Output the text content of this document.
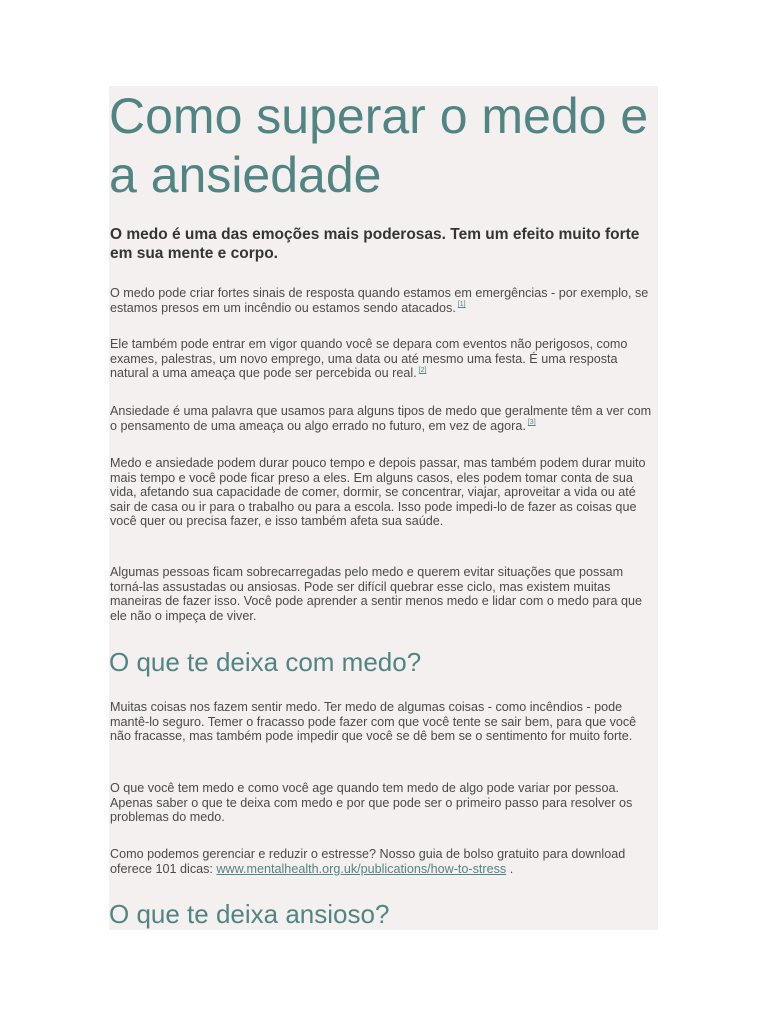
Como superar o medo e a ansiedade

O medo é uma das emoções mais poderosas. Tem um efeito muito forte em sua mente e corpo.

O medo pode criar fortes sinais de resposta quando estamos em emergências - por exemplo, se estamos presos em um incêndio ou estamos sendo atacados. [1]

Ele também pode entrar em vigor quando você se depara com eventos não perigosos, como exames, palestras, um novo emprego, uma data ou até mesmo uma festa. É uma resposta natural a uma ameaça que pode ser percebida ou real. [2]

Ansiedade é uma palavra que usamos para alguns tipos de medo que geralmente têm a ver com o pensamento de uma ameaça ou algo errado no futuro, em vez de agora. [3]

Medo e ansiedade podem durar pouco tempo e depois passar, mas também podem durar muito mais tempo e você pode ficar preso a eles. Em alguns casos, eles podem tomar conta de sua vida, afetando sua capacidade de comer, dormir, se concentrar, viajar, aproveitar a vida ou até sair de casa ou ir para o trabalho ou para a escola. Isso pode impedi-lo de fazer as coisas que você quer ou precisa fazer, e isso também afeta sua saúde.

Algumas pessoas ficam sobrecarregadas pelo medo e querem evitar situações que possam torná-las assustadas ou ansiosas. Pode ser difícil quebrar esse ciclo, mas existem muitas maneiras de fazer isso. Você pode aprender a sentir menos medo e lidar com o medo para que ele não o impeça de viver.

O que te deixa com medo?

Muitas coisas nos fazem sentir medo. Ter medo de algumas coisas - como incêndios - pode mantê-lo seguro. Temer o fracasso pode fazer com que você tente se sair bem, para que você não fracasse, mas também pode impedir que você se dê bem se o sentimento for muito forte.

O que você tem medo e como você age quando tem medo de algo pode variar por pessoa. Apenas saber o que te deixa com medo e por que pode ser o primeiro passo para resolver os problemas do medo.

Como podemos gerenciar e reduzir o estresse? Nosso guia de bolso gratuito para download oferece 101 dicas: www.mentalhealth.org.uk/publications/how-to-stress .

O que te deixa ansioso?
